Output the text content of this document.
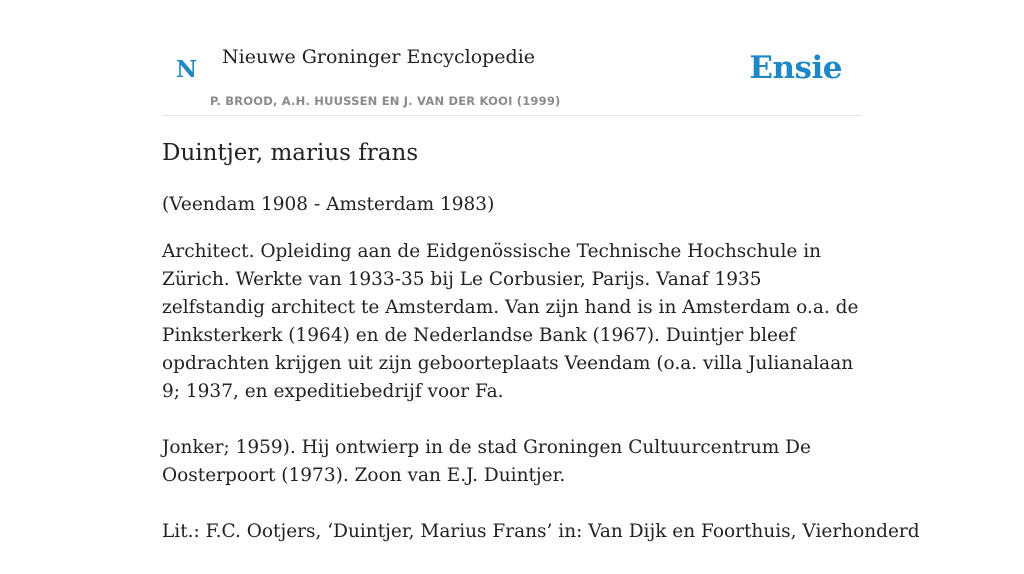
N Nieuwe Groninger Encyclopedie
P. BROOD, A.H. HUUSSEN EN J. VAN DER KOOI (1999)
Ensie
Duintjer, marius frans

(Veendam 1908 - Amsterdam 1983)

Architect. Opleiding aan de Eidgenössische Technische Hochschule in Zürich. Werkte van 1933-35 bij Le Corbusier, Parijs. Vanaf 1935 zelfstandig architect te Amsterdam. Van zijn hand is in Amsterdam o.a. de Pinksterkerk (1964) en de Nederlandse Bank (1967). Duintjer bleef opdrachten krijgen uit zijn geboorteplaats Veendam (o.a. villa Julianalaan 9; 1937, en expeditiebedrijf voor Fa.

Jonker; 1959). Hij ontwierp in de stad Groningen Cultuurcentrum De Oosterpoort (1973). Zoon van E.J. Duintjer.

Lit.: F.C. Ootjers, ‘Duintjer, Marius Frans’ in: Van Dijk en Foorthuis, Vierhonderd
